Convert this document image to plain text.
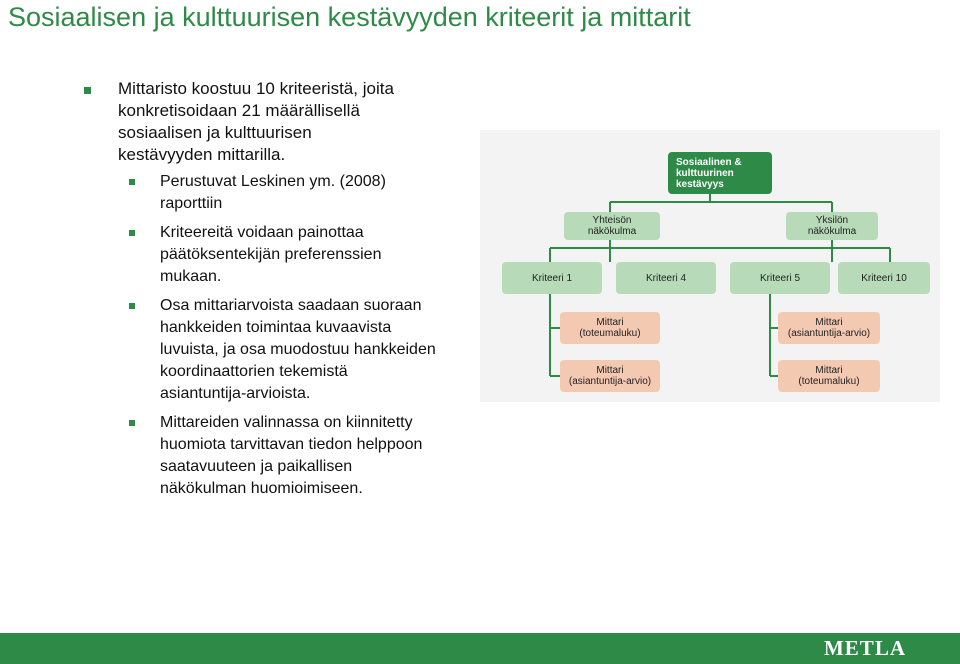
Sosiaalisen ja kulttuurisen kestävyyden kriteerit ja mittarit
Mittaristo koostuu 10 kriteeristä, joita
konkretisoidaan 21 määrällisellä
sosiaalisen ja kulttuurisen
kestävyyden mittarilla.
Perustuvat Leskinen ym. (2008)
raporttiin
Kriteereitä voidaan painottaa
päätöksentekijän preferenssien
mukaan.
Osa mittariarvoista saadaan suoraan
hankkeiden toimintaa kuvaavista
luvuista, ja osa muodostuu hankkeiden
koordinaattorien tekemistä
asiantuntija-arvioista.
Mittareiden valinnassa on kiinnitetty
huomiota tarvittavan tiedon helppoon
saatavuuteen ja paikallisen
näkökulman huomioimiseen.
Sosiaalinen &
kulttuurinen
kestävyys
Yhteisön
näkökulma
Yksilön
näkökulma
Kriteeri 1	Kriteeri 4	Kriteeri 5	Kriteeri 10
Mittari
(toteumaluku)
Mittari
(asiantuntija-arvio)
Mittari
(asiantuntija-arvio)
Mittari
(toteumaluku)
METLA
